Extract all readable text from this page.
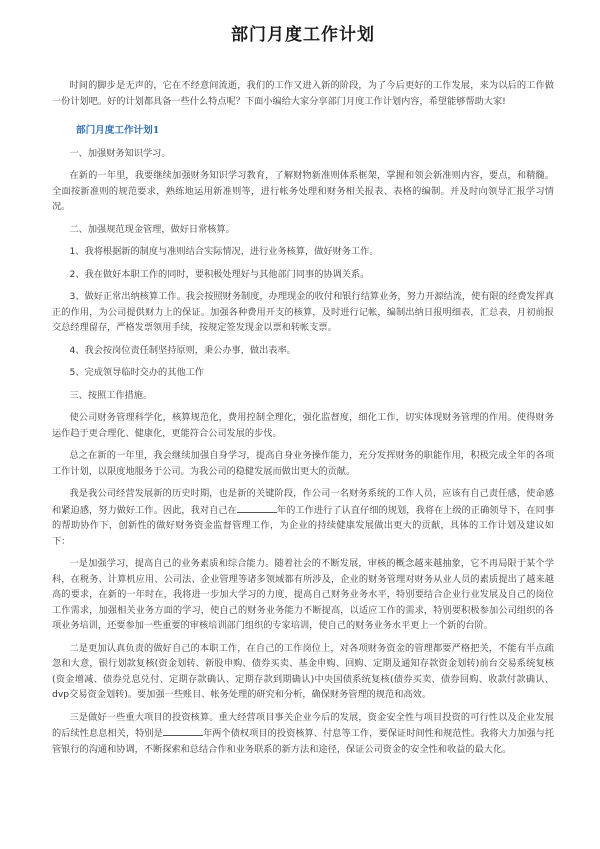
部门月度工作计划

时间的脚步是无声的，它在不经意间流逝，我们的工作又进入新的阶段，为了今后更好的工作发展，来为以后的工作做一份计划吧。好的计划都具备一些什么特点呢？下面小编给大家分享部门月度工作计划内容，希望能够帮助大家!

部门月度工作计划1

一、加强财务知识学习。

在新的一年里，我要继续加强财务知识学习教育，了解财物新准则体系框架，掌握和领会新准则内容，要点，和精髓。全面按新准则的规范要求，熟练地运用新准则等，进行帐务处理和财务相关报表、表格的编制。并及时向领导汇报学习情况。

二、加强规范现金管理，做好日常核算。

1、我将根据新的制度与准则结合实际情况，进行业务核算，做好财务工作。

2、我在做好本职工作的同时，要积极处理好与其他部门同事的协调关系。

3、做好正常出纳核算工作。我会按照财务制度，办理现金的收付和银行结算业务，努力开源结流，使有限的经费发挥真正的作用，为公司提供财力上的保证。加强各种费用开支的核算，及时进行记帐，编制出纳日报明细表，汇总表，月初前报交总经理留存，严格发票领用手续，按规定签发现金以票和转帐支票。

4、我会按岗位责任制坚持原则，秉公办事，做出表率。

5、完成领导临时交办的其他工作

三、按照工作措施。

使公司财务管理科学化，核算规范化，费用控制全理化，强化监督度，细化工作，切实体现财务管理的作用。使得财务运作趋于更合理化、健康化，更能符合公司发展的步伐。

总之在新的一年里，我会继续加强自身学习，提高自身业务操作能力，充分发挥财务的职能作用，积极完成全年的各项工作计划，以限度地服务于公司。为我公司的稳健发展而做出更大的贡献。

我是我公司经营发展新的历史时期，也是新的关键阶段，作公司一名财务系统的工作人员，应该有自己责任感，使命感和紧迫感，努力做好工作。因此，我对自己在	年的工作进行了认直仔细的规划，我将在上级的正确领导下，在同事的帮助协作下，创新性的做好财务资金监督管理工作，为企业的持续健康发展做出更大的贡献，具体的工作计划及建议如下：

一是加强学习，提高自己的业务素质和综合能力。随着社会的不断发展，审核的概念越来越抽象，它不再局限于某个学科，在税务、计算机应用、公司法、企业管理等诸多领域都有所涉及，企业的财务管理对财务从业人员的素质提出了越来越高的要求，在新的一年时在，我将进一步加大学习的力度，提高自己财务业务水平，特别要结合企业行业发展及自己的岗位工作需求，加强相关业务方面的学习，使自己的财务业务能力不断提高，以适应工作的需求，特别要积极参加公司组织的各项业务培训，还要参加一些重要的审核培训部门组织的专家培训，使自己的财务业务水平更上一个新的台阶。

二是更加认真负责的做好自己的本职工作，在自己的工作岗位上，对各项财务资金的管理都要严格把关，不能有半点疏忽和大意，银行划款复核(资金划转、新股申购、债券买卖、基金申购、回购、定期及通知存款资金划转)前台交易系统复核(资金增减、债券兑息兑付、定期存款确认、定期存款到期确认)中央国债系统复核(债券买卖、债券回购、收款付款确认、dvp交易资金划转)。要加强一些账目、帐务处理的研究和分析，确保财务管理的规范和高效。

三是做好一些重大项目的投资核算。重大经营项目事关企业今后的发展，资金安全性与项目投资的可行性以及企业发展的后续性息息相关，特别是	年两个债权项目的投资核算、付息等工作，要保证时间性和规范性。我将大力加强与托管银行的沟通和协调，不断探索和总结合作和业务联系的新方法和途径，保证公司资金的安全性和收益的最大化。
